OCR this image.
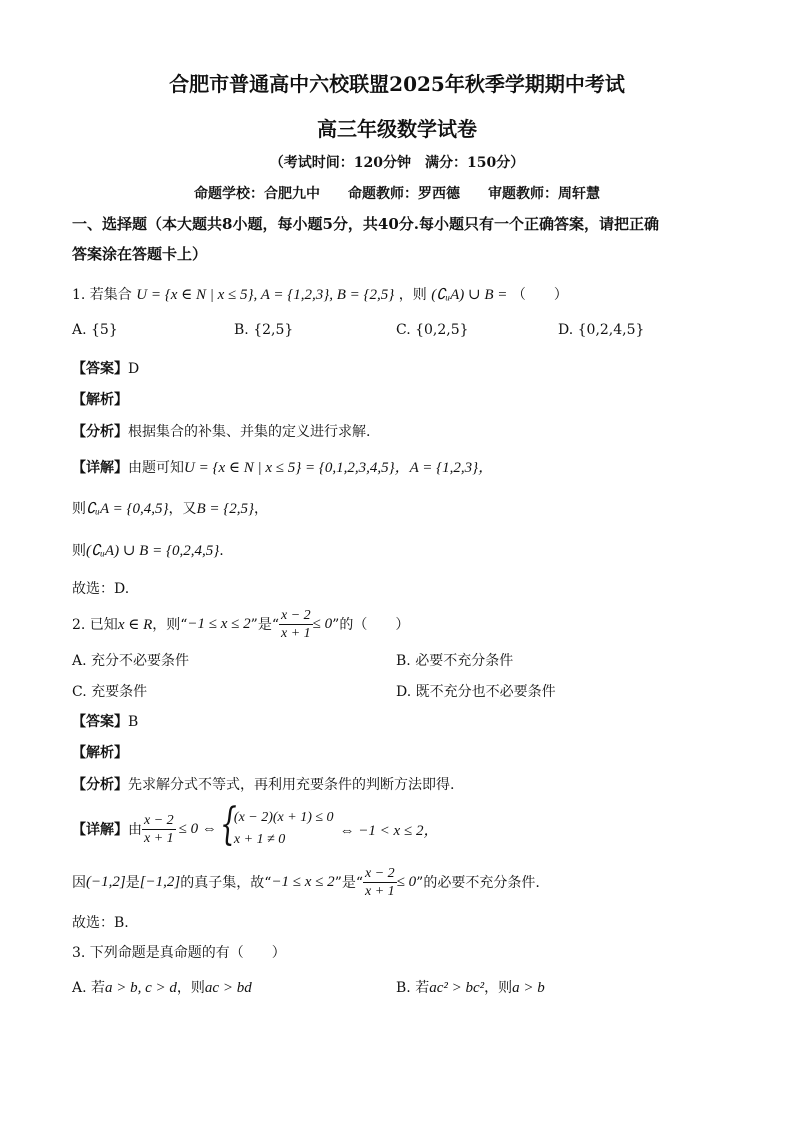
合肥市普通高中六校联盟2025年秋季学期期中考试
高三年级数学试卷
（考试时间：120分钟　满分：150分）
命题学校：合肥九中　　命题教师：罗西德　　审题教师：周轩慧
一、选择题（本大题共8小题，每小题5分，共40分.每小题只有一个正确答案，请把正确
答案涂在答题卡上）
1. 若集合 U = {x ∈ N | x ≤ 5}, A = {1,2,3}, B = {2,5} ，则 (∁ᵤA) ∪ B = （　　）
A. {5}	B. {2,5}	C. {0,2,5}	D. {0,2,4,5}
【答案】D
【解析】
【分析】根据集合的补集、并集的定义进行求解.
【详解】由题可知U = {x ∈ N | x ≤ 5} = {0,1,2,3,4,5}，A = {1,2,3}，
则∁ᵤA = {0,4,5}，又B = {2,5}，
则(∁ᵤA) ∪ B = {0,2,4,5}.
故选：D.
2. 已知 x ∈ R ，则“ −1 ≤ x ≤ 2 ”是“ $\frac{x - 2}{x + 1} \le 0$ ”的（　　）
A. 充分不必要条件	B. 必要不充分条件
C. 充要条件	D. 既不充分也不必要条件
【答案】B
【解析】
【分析】先求解分式不等式，再利用充要条件的判断方法即得.
【详解】 由 $\frac{x - 2}{x + 1} \le 0$ ⇔ {
(x − 2)(x + 1) ≤ 0
x + 1 ≠ 0
⇔ −1 < x ≤ 2，
因 (−1,2] 是 [−1,2] 的真子集，故“ −1 ≤ x ≤ 2 ”是“ $\frac{x - 2}{x + 1} \le 0$ ”的必要不充分条件.
故选：B.
3. 下列命题是真命题的有（　　）
A. 若a > b, c > d，则ac > bd	B. 若ac² > bc²，则a > b
